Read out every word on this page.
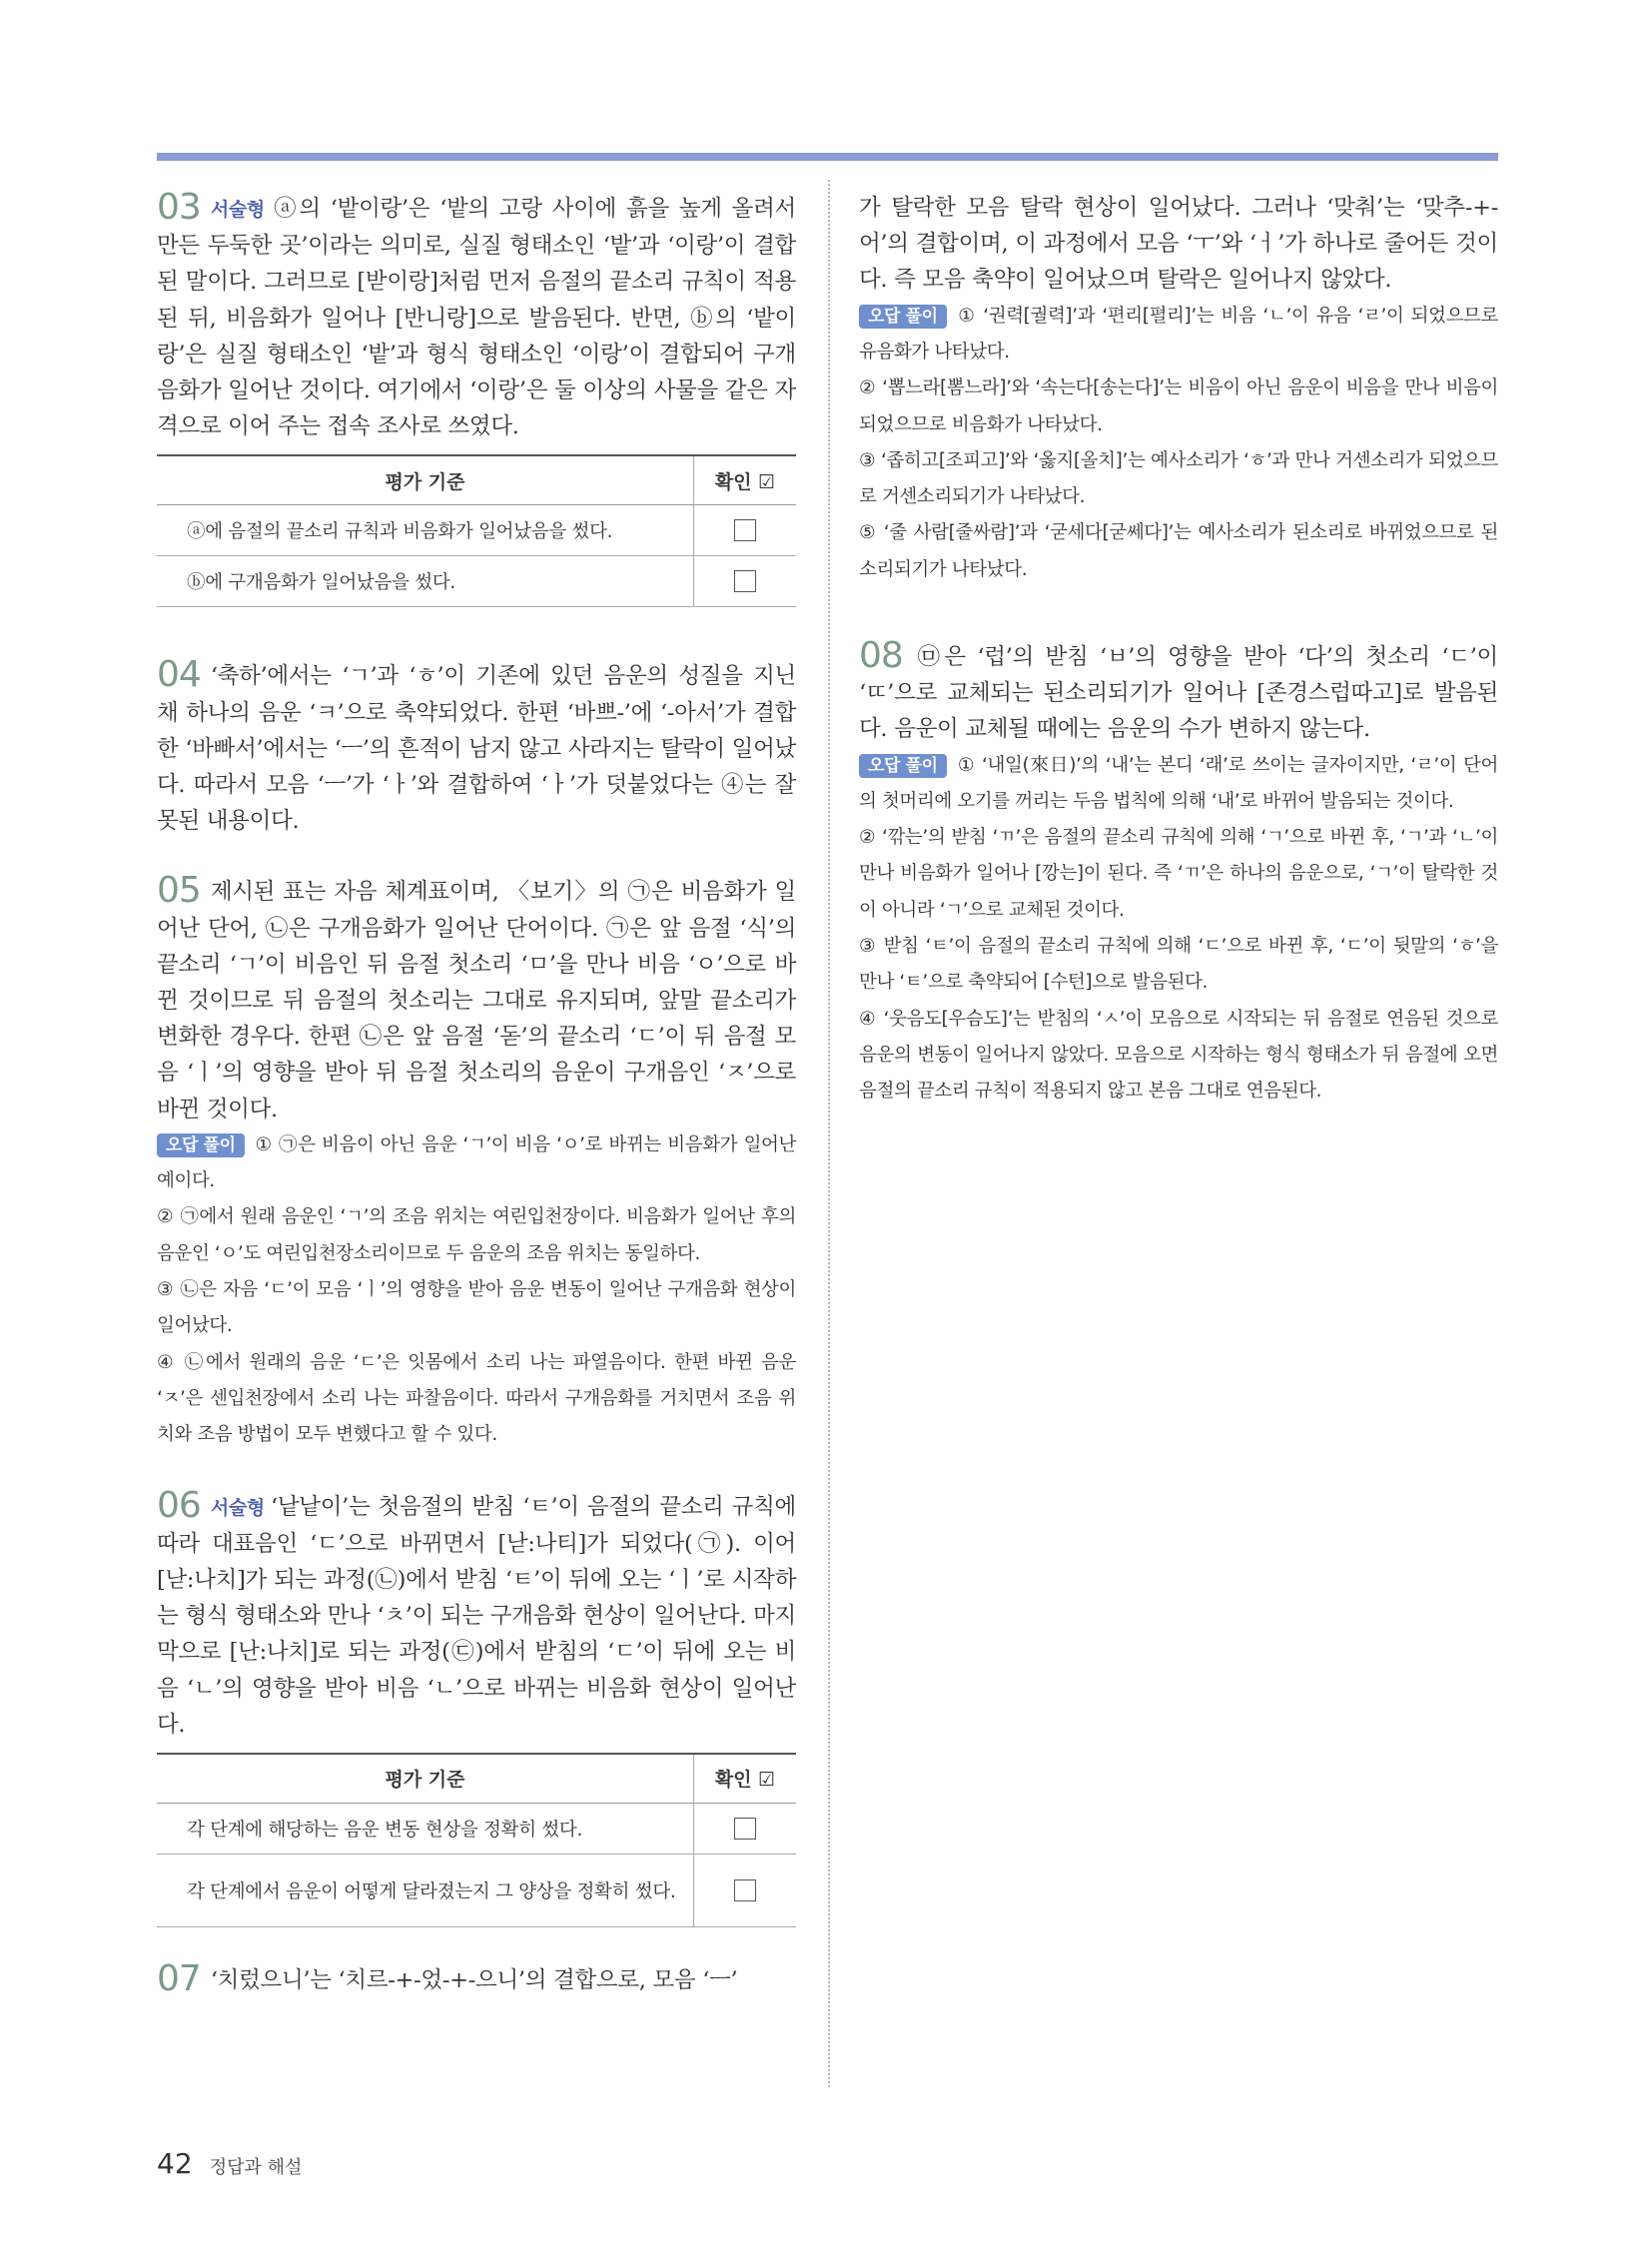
03 서술형 ⓐ의 ‘밭이랑’은 ‘밭의 고랑 사이에 흙을 높게 올려서 만든 두둑한 곳’이라는 의미로, 실질 형태소인 ‘밭’과 ‘이랑’이 결합된 말이다. 그러므로 [받이랑]처럼 먼저 음절의 끝소리 규칙이 적용된 뒤, 비음화가 일어나 [반니랑]으로 발음된다. 반면, ⓑ의 ‘밭이랑’은 실질 형태소인 ‘밭’과 형식 형태소인 ‘이랑’이 결합되어 구개음화가 일어난 것이다. 여기에서 ‘이랑’은 둘 이상의 사물을 같은 자격으로 이어 주는 접속 조사로 쓰였다.

평가 기준	확인 ☑
ⓐ에 음절의 끝소리 규칙과 비음화가 일어났음을 썼다.	
ⓑ에 구개음화가 일어났음을 썼다.	

04 ‘축하’에서는 ‘ㄱ’과 ‘ㅎ’이 기존에 있던 음운의 성질을 지닌 채 하나의 음운 ‘ㅋ’으로 축약되었다. 한편 ‘바쁘-’에 ‘-아서’가 결합한 ‘바빠서’에서는 ‘ㅡ’의 흔적이 남지 않고 사라지는 탈락이 일어났다. 따라서 모음 ‘ㅡ’가 ‘ㅏ’와 결합하여 ‘ㅏ’가 덧붙었다는 ④는 잘못된 내용이다.

05 제시된 표는 자음 체계표이며, 〈보기〉의 ㉠은 비음화가 일어난 단어, ㉡은 구개음화가 일어난 단어이다. ㉠은 앞 음절 ‘식’의 끝소리 ‘ㄱ’이 비음인 뒤 음절 첫소리 ‘ㅁ’을 만나 비음 ‘ㅇ’으로 바뀐 것이므로 뒤 음절의 첫소리는 그대로 유지되며, 앞말 끝소리가 변화한 경우다. 한편 ㉡은 앞 음절 ‘돋’의 끝소리 ‘ㄷ’이 뒤 음절 모음 ‘ㅣ’의 영향을 받아 뒤 음절 첫소리의 음운이 구개음인 ‘ㅈ’으로 바뀐 것이다.

오답 풀이 ① ㉠은 비음이 아닌 음운 ‘ㄱ’이 비음 ‘ㅇ’로 바뀌는 비음화가 일어난 예이다.

② ㉠에서 원래 음운인 ‘ㄱ’의 조음 위치는 여린입천장이다. 비음화가 일어난 후의 음운인 ‘ㅇ’도 여린입천장소리이므로 두 음운의 조음 위치는 동일하다.

③ ㉡은 자음 ‘ㄷ’이 모음 ‘ㅣ’의 영향을 받아 음운 변동이 일어난 구개음화 현상이 일어났다.

④ ㉡에서 원래의 음운 ‘ㄷ’은 잇몸에서 소리 나는 파열음이다. 한편 바뀐 음운 ‘ㅈ’은 센입천장에서 소리 나는 파찰음이다. 따라서 구개음화를 거치면서 조음 위치와 조음 방법이 모두 변했다고 할 수 있다.

06 서술형 ‘낱낱이’는 첫음절의 받침 ‘ㅌ’이 음절의 끝소리 규칙에 따라 대표음인 ‘ㄷ’으로 바뀌면서 [낟:나티]가 되었다(㉠). 이어 [낟:나치]가 되는 과정(㉡)에서 받침 ‘ㅌ’이 뒤에 오는 ‘ㅣ’로 시작하는 형식 형태소와 만나 ‘ㅊ’이 되는 구개음화 현상이 일어난다. 마지막으로 [난:나치]로 되는 과정(㉢)에서 받침의 ‘ㄷ’이 뒤에 오는 비음 ‘ㄴ’의 영향을 받아 비음 ‘ㄴ’으로 바뀌는 비음화 현상이 일어난다.

평가 기준	확인 ☑
각 단계에 해당하는 음운 변동 현상을 정확히 썼다.	
각 단계에서 음운이 어떻게 달라졌는지 그 양상을 정확히 썼다.	

07 ‘치렀으니’는 ‘치르-+-었-+-으니’의 결합으로, 모음 ‘ㅡ’

가 탈락한 모음 탈락 현상이 일어났다. 그러나 ‘맞춰’는 ‘맞추-+-어’의 결합이며, 이 과정에서 모음 ‘ㅜ’와 ‘ㅓ’가 하나로 줄어든 것이다. 즉 모음 축약이 일어났으며 탈락은 일어나지 않았다.

오답 풀이 ① ‘권력[궐력]’과 ‘편리[펼리]’는 비음 ‘ㄴ’이 유음 ‘ㄹ’이 되었으므로 유음화가 나타났다.

② ‘뽑느라[뽐느라]’와 ‘속는다[송는다]’는 비음이 아닌 음운이 비음을 만나 비음이 되었으므로 비음화가 나타났다.

③ ‘좁히고[조피고]’와 ‘옳지[올치]’는 예사소리가 ‘ㅎ’과 만나 거센소리가 되었으므로 거센소리되기가 나타났다.

⑤ ‘줄 사람[줄싸람]’과 ‘굳세다[굳쎄다]’는 예사소리가 된소리로 바뀌었으므로 된소리되기가 나타났다.

08 ㉤은 ‘럽’의 받침 ‘ㅂ’의 영향을 받아 ‘다’의 첫소리 ‘ㄷ’이 ‘ㄸ’으로 교체되는 된소리되기가 일어나 [존경스럽따고]로 발음된다. 음운이 교체될 때에는 음운의 수가 변하지 않는다.

오답 풀이 ① ‘내일(來日)’의 ‘내’는 본디 ‘래’로 쓰이는 글자이지만, ‘ㄹ’이 단어의 첫머리에 오기를 꺼리는 두음 법칙에 의해 ‘내’로 바뀌어 발음되는 것이다.

② ‘깎는’의 받침 ‘ㄲ’은 음절의 끝소리 규칙에 의해 ‘ㄱ’으로 바뀐 후, ‘ㄱ’과 ‘ㄴ’이 만나 비음화가 일어나 [깡는]이 된다. 즉 ‘ㄲ’은 하나의 음운으로, ‘ㄱ’이 탈락한 것이 아니라 ‘ㄱ’으로 교체된 것이다.

③ 받침 ‘ㅌ’이 음절의 끝소리 규칙에 의해 ‘ㄷ’으로 바뀐 후, ‘ㄷ’이 뒷말의 ‘ㅎ’을 만나 ‘ㅌ’으로 축약되어 [수턴]으로 발음된다.

④ ‘웃음도[우슴도]’는 받침의 ‘ㅅ’이 모음으로 시작되는 뒤 음절로 연음된 것으로 음운의 변동이 일어나지 않았다. 모음으로 시작하는 형식 형태소가 뒤 음절에 오면 음절의 끝소리 규칙이 적용되지 않고 본음 그대로 연음된다.

42 정답과 해설
